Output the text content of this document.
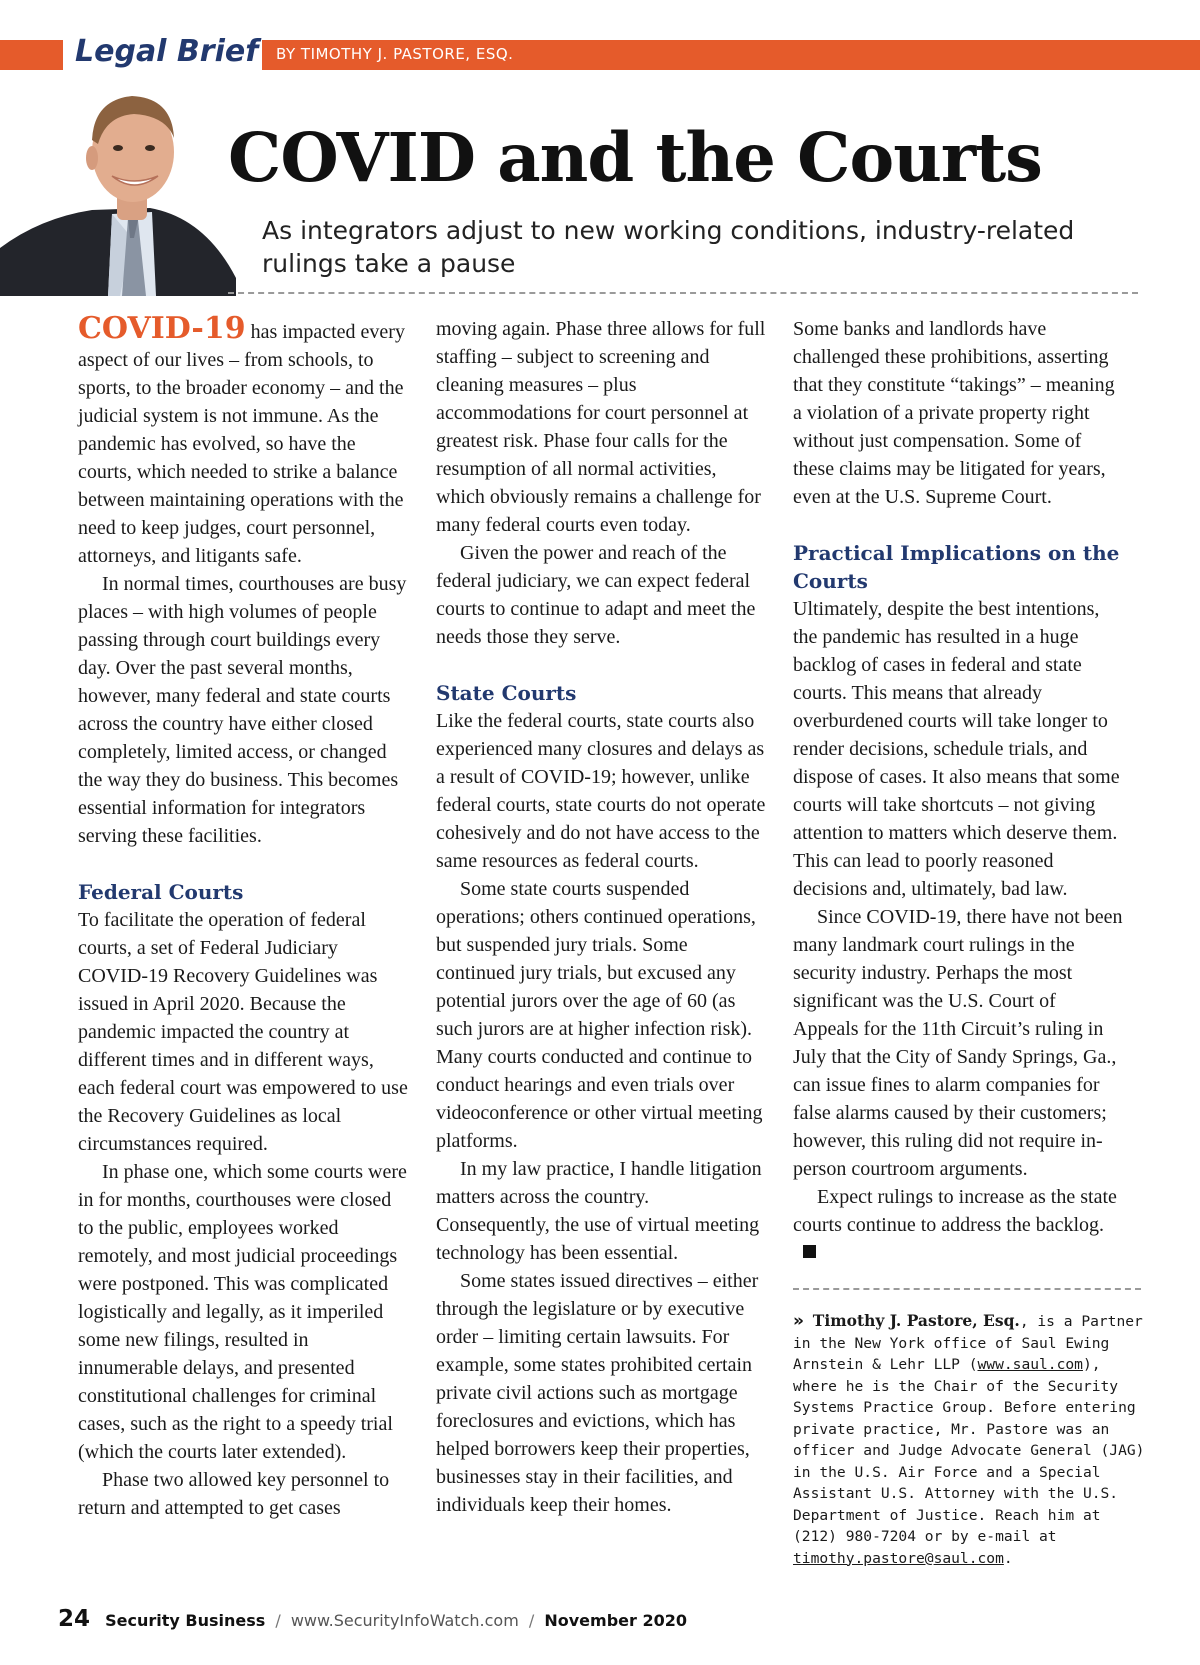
Legal Brief BY TIMOTHY J. PASTORE, ESQ.
COVID and the Courts

As integrators adjust to new working conditions, industry-related rulings take a pause

COVID-19 has impacted every aspect of our lives – from schools, to sports, to the broader economy – and the judicial system is not immune. As the pandemic has evolved, so have the courts, which needed to strike a balance between maintaining operations with the need to keep judges, court personnel, attorneys, and litigants safe.

In normal times, courthouses are busy places – with high volumes of people passing through court buildings every day. Over the past several months, however, many federal and state courts across the country have either closed completely, limited access, or changed the way they do business. This becomes essential information for integrators serving these facilities.

Federal Courts

To facilitate the operation of federal courts, a set of Federal Judiciary COVID-19 Recovery Guidelines was issued in April 2020. Because the pandemic impacted the country at different times and in different ways, each federal court was empowered to use the Recovery Guidelines as local circumstances required.

In phase one, which some courts were in for months, courthouses were closed to the public, employees worked remotely, and most judicial proceedings were postponed. This was complicated logistically and legally, as it imperiled some new filings, resulted in innumerable delays, and presented constitutional challenges for criminal cases, such as the right to a speedy trial (which the courts later extended).

Phase two allowed key personnel to return and attempted to get cases

moving again. Phase three allows for full staffing – subject to screening and cleaning measures – plus accommodations for court personnel at greatest risk. Phase four calls for the resumption of all normal activities, which obviously remains a challenge for many federal courts even today.

Given the power and reach of the federal judiciary, we can expect federal courts to continue to adapt and meet the needs those they serve.

State Courts

Like the federal courts, state courts also experienced many closures and delays as a result of COVID-19; however, unlike federal courts, state courts do not operate cohesively and do not have access to the same resources as federal courts.

Some state courts suspended operations; others continued operations, but suspended jury trials. Some continued jury trials, but excused any potential jurors over the age of 60 (as such jurors are at higher infection risk). Many courts conducted and continue to conduct hearings and even trials over videoconference or other virtual meeting platforms.

In my law practice, I handle litigation matters across the country. Consequently, the use of virtual meeting technology has been essential.

Some states issued directives – either through the legislature or by executive order – limiting certain lawsuits. For example, some states prohibited certain private civil actions such as mortgage foreclosures and evictions, which has helped borrowers keep their properties, businesses stay in their facilities, and individuals keep their homes.

Some banks and landlords have challenged these prohibitions, asserting that they constitute “takings” – meaning a violation of a private property right without just compensation. Some of these claims may be litigated for years, even at the U.S. Supreme Court.

Practical Implications on the Courts

Ultimately, despite the best intentions, the pandemic has resulted in a huge backlog of cases in federal and state courts. This means that already overburdened courts will take longer to render decisions, schedule trials, and dispose of cases. It also means that some courts will take shortcuts – not giving attention to matters which deserve them. This can lead to poorly reasoned decisions and, ultimately, bad law.

Since COVID-19, there have not been many landmark court rulings in the security industry. Perhaps the most significant was the U.S. Court of Appeals for the 11th Circuit’s ruling in July that the City of Sandy Springs, Ga., can issue fines to alarm companies for false alarms caused by their customers; however, this ruling did not require in-person courtroom arguments.

Expect rulings to increase as the state courts continue to address the backlog.

» Timothy J. Pastore, Esq., is a Partner in the New York office of Saul Ewing Arnstein & Lehr LLP (www.saul.com), where he is the Chair of the Security Systems Practice Group. Before entering private practice, Mr. Pastore was an officer and Judge Advocate General (JAG) in the U.S. Air Force and a Special Assistant U.S. Attorney with the U.S. Department of Justice. Reach him at (212) 980-7204 or by e-mail at timothy.pastore@saul.com.

24 Security Business / www.SecurityInfoWatch.com / November 2020
